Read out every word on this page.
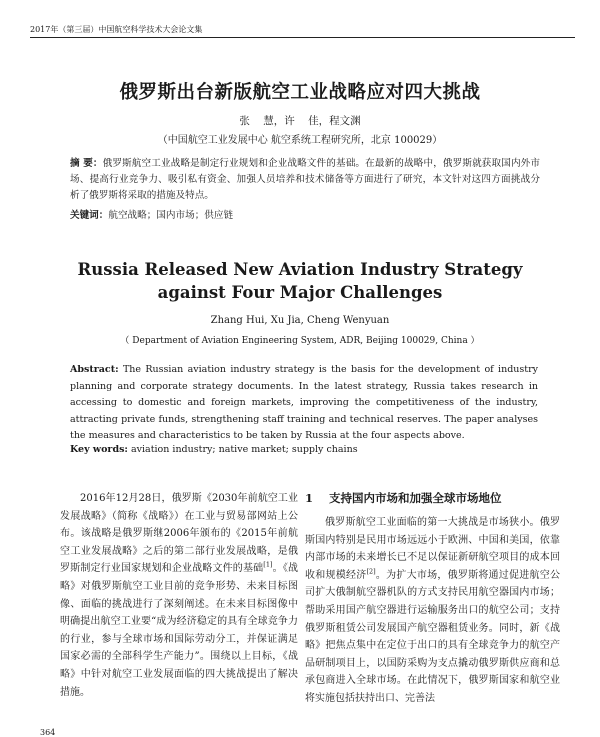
2017年（第三届）中国航空科学技术大会论文集
俄罗斯出台新版航空工业战略应对四大挑战
张 慧，许 佳，程文渊
（中国航空工业发展中心 航空系统工程研究所，北京 100029）
摘 要：俄罗斯航空工业战略是制定行业规划和企业战略文件的基础。在最新的战略中，俄罗斯就获取国内外市场、提高行业竞争力、吸引私有资金、加强人员培养和技术储备等方面进行了研究，本文针对这四方面挑战分析了俄罗斯将采取的措施及特点。
关键词：航空战略；国内市场；供应链
Russia Released New Aviation Industry Strategy against Four Major Challenges
Zhang Hui, Xu Jia, Cheng Wenyuan
（ Department of Aviation Engineering System, ADR, Beijing 100029, China ）
Abstract: The Russian aviation industry strategy is the basis for the development of industry planning and corporate strategy documents. In the latest strategy, Russia takes research in accessing to domestic and foreign markets, improving the competitiveness of the industry, attracting private funds, strengthening staff training and technical reserves. The paper analyses the measures and characteristics to be taken by Russia at the four aspects above.
Key words: aviation industry; native market; supply chains
2016年12月28日，俄罗斯《2030年前航空工业发展战略》（简称《战略》）在工业与贸易部网站上公布。该战略是俄罗斯继2006年颁布的《2015年前航空工业发展战略》之后的第二部行业发展战略，是俄罗斯制定行业国家规划和企业战略文件的基础[1]。《战略》对俄罗斯航空工业目前的竞争形势、未来目标图像、面临的挑战进行了深刻阐述。在未来目标图像中明确提出航空工业要“成为经济稳定的具有全球竞争力的行业，参与全球市场和国际劳动分工，并保证满足国家必需的全部科学生产能力”。围绕以上目标，《战略》中针对航空工业发展面临的四大挑战提出了解决措施。
1 支持国内市场和加强全球市场地位
俄罗斯航空工业面临的第一大挑战是市场狭小。俄罗斯国内特别是民用市场远远小于欧洲、中国和美国，依靠内部市场的未来增长已不足以保证新研航空项目的成本回收和规模经济[2]。为扩大市场，俄罗斯将通过促进航空公司扩大俄制航空器机队的方式支持民用航空器国内市场；帮助采用国产航空器进行运输服务出口的航空公司；支持俄罗斯租赁公司发展国产航空器租赁业务。同时，新《战略》把焦点集中在定位于出口的具有全球竞争力的航空产品研制项目上，以国防采购为支点撬动俄罗斯供应商和总承包商进入全球市场。在此情况下，俄罗斯国家和航空业将实施包括扶持出口、完善法
364
